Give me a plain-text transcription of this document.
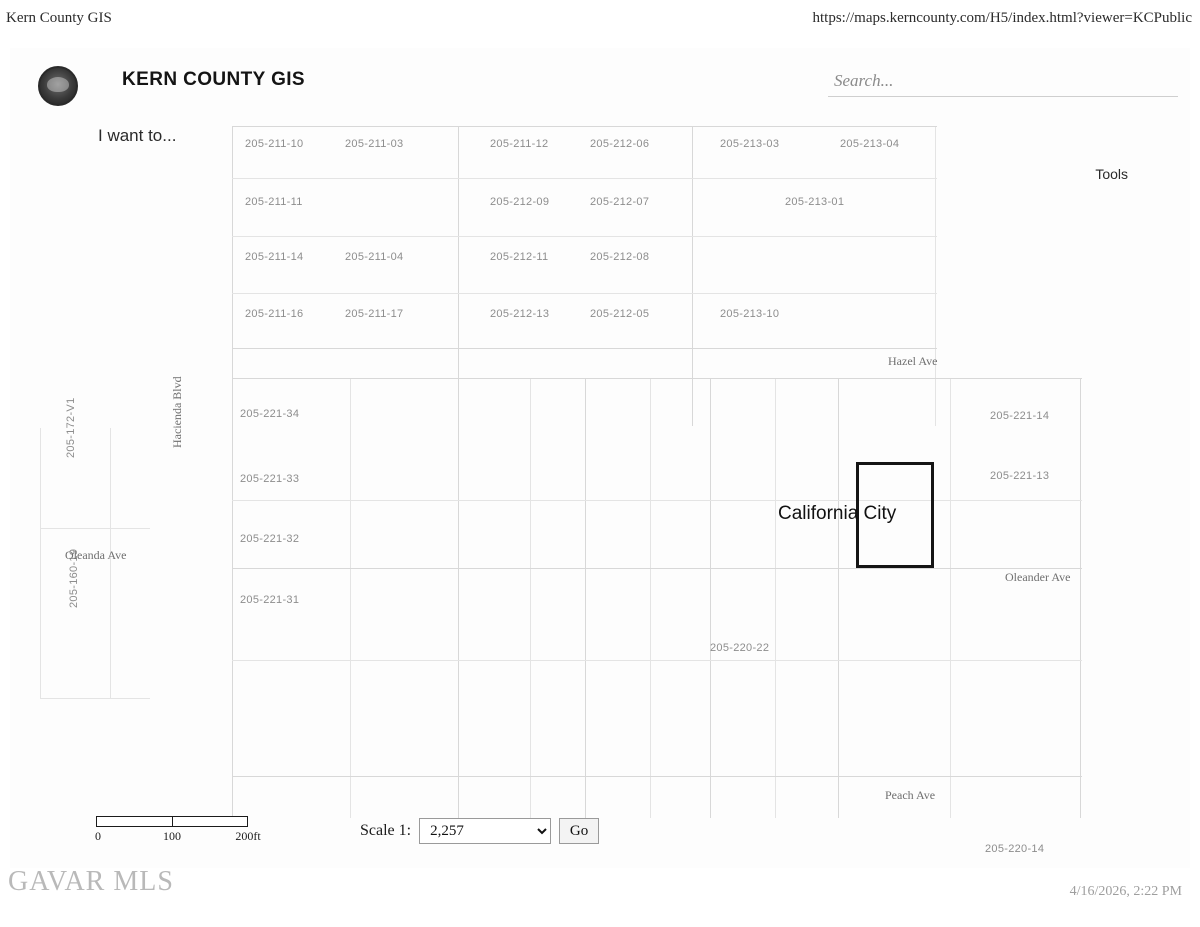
Kern County GIS	https://maps.kerncounty.com/H5/index.html?viewer=KCPublic
205-211-10	205-211-03	205-211-12	205-212-06	205-213-03	205-213-04
205-211-11	205-212-09	205-212-07	205-213-01
205-211-14	205-211-04	205-212-11	205-212-08
205-211-16	205-211-17	205-212-13	205-212-05	205-213-10
205-221-34
205-221-33
205-221-32
205-221-31
205-221-13
205-221-14
205-220-22
205-220-14
205-172-V1
205-160-19
Hacienda Blvd
Oleanda Ave
Oleander Ave
Peach Ave
Hazel Ave
California City
KERN COUNTY GIS
Search...
I want to...
Tools
0	100	200ft	Scale 1:
2,257	Go
GAVAR MLS	4/16/2026, 2:22 PM
